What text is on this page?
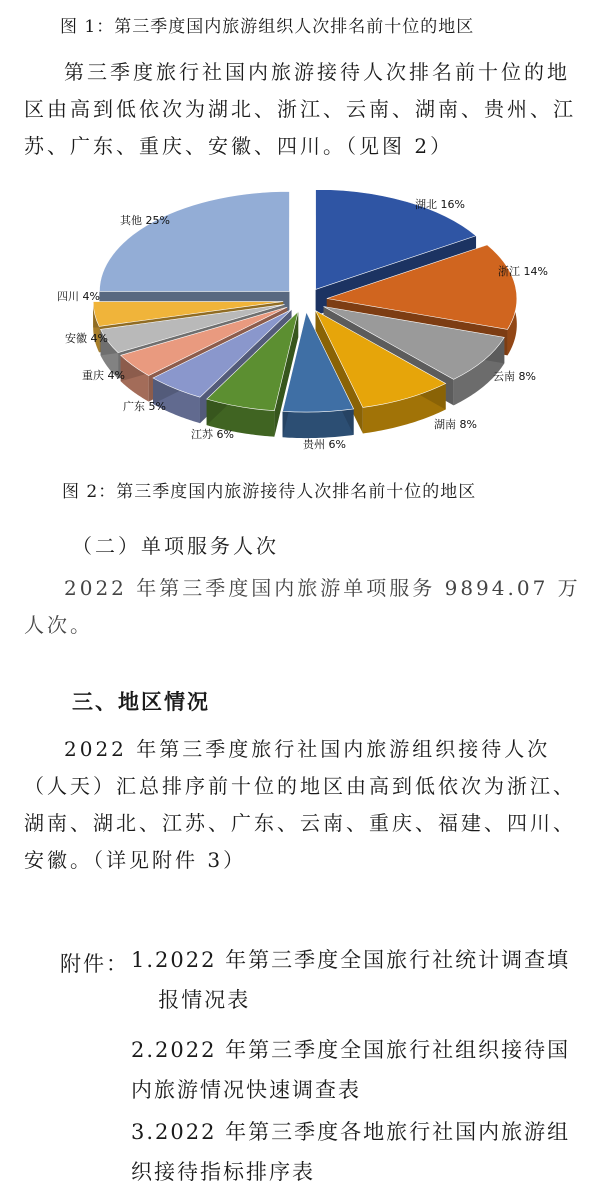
图 1：第三季度国内旅游组织人次排名前十位的地区

第三季度旅行社国内旅游接待人次排名前十位的地区由高到低依次为湖北、浙江、云南、湖南、贵州、江苏、广东、重庆、安徽、四川。（见图 2）

湖北 16%
浙江 14%
云南 8%
湖南 8%
贵州 6%
江苏 6%
广东 5%
重庆 4%
安徽 4%
四川 4%
其他 25%
图 2：第三季度国内旅游接待人次排名前十位的地区
（二）单项服务人次

2022 年第三季度国内旅游单项服务 9894.07 万人次。

三、地区情况

2022 年第三季度旅行社国内旅游组织接待人次（人天）汇总排序前十位的地区由高到低依次为浙江、湖南、湖北、江苏、广东、云南、重庆、福建、四川、安徽。（详见附件 3）

附件： 1.2022 年第三季度全国旅行社统计调查填报情况表
2.2022 年第三季度全国旅行社组织接待国内旅游情况快速调查表
3.2022 年第三季度各地旅行社国内旅游组织接待指标排序表
